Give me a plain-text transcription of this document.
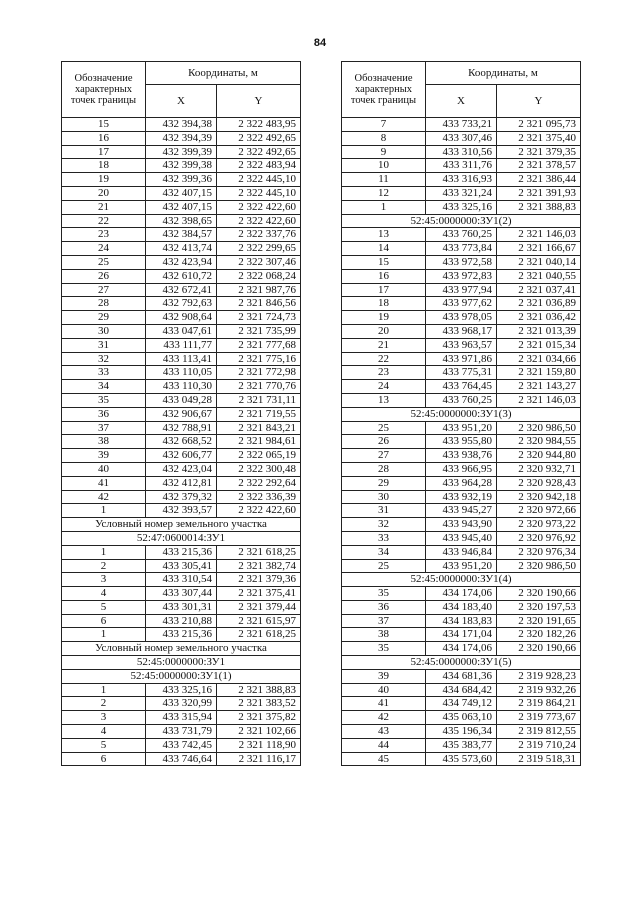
84
Обозначение характерных точек границы	Координаты, м	
	X	Y
15	432 394,38	2 322 483,95
16	432 394,39	2 322 492,65
17	432 399,39	2 322 492,65
18	432 399,38	2 322 483,94
19	432 399,36	2 322 445,10
20	432 407,15	2 322 445,10
21	432 407,15	2 322 422,60
22	432 398,65	2 322 422,60
23	432 384,57	2 322 337,76
24	432 413,74	2 322 299,65
25	432 423,94	2 322 307,46
26	432 610,72	2 322 068,24
27	432 672,41	2 321 987,76
28	432 792,63	2 321 846,56
29	432 908,64	2 321 724,73
30	433 047,61	2 321 735,99
31	433 111,77	2 321 777,68
32	433 113,41	2 321 775,16
33	433 110,05	2 321 772,98
34	433 110,30	2 321 770,76
35	433 049,28	2 321 731,11
36	432 906,67	2 321 719,55
37	432 788,91	2 321 843,21
38	432 668,52	2 321 984,61
39	432 606,77	2 322 065,19
40	432 423,04	2 322 300,48
41	432 412,81	2 322 292,64
42	432 379,32	2 322 336,39
1	432 393,57	2 322 422,60
Условный номер земельного участка		
52:47:0600014:ЗУ1		
1	433 215,36	2 321 618,25
2	433 305,41	2 321 382,74
3	433 310,54	2 321 379,36
4	433 307,44	2 321 375,41
5	433 301,31	2 321 379,44
6	433 210,88	2 321 615,97
1	433 215,36	2 321 618,25
Условный номер земельного участка		
52:45:0000000:ЗУ1		
52:45:0000000:ЗУ1(1)		
1	433 325,16	2 321 388,83
2	433 320,99	2 321 383,52
3	433 315,94	2 321 375,82
4	433 731,79	2 321 102,66
5	433 742,45	2 321 118,90
6	433 746,64	2 321 116,17
Обозначение характерных точек границы	Координаты, м	
	X	Y
7	433 733,21	2 321 095,73
8	433 307,46	2 321 375,40
9	433 310,56	2 321 379,35
10	433 311,76	2 321 378,57
11	433 316,93	2 321 386,44
12	433 321,24	2 321 391,93
1	433 325,16	2 321 388,83
52:45:0000000:ЗУ1(2)		
13	433 760,25	2 321 146,03
14	433 773,84	2 321 166,67
15	433 972,58	2 321 040,14
16	433 972,83	2 321 040,55
17	433 977,94	2 321 037,41
18	433 977,62	2 321 036,89
19	433 978,05	2 321 036,42
20	433 968,17	2 321 013,39
21	433 963,57	2 321 015,34
22	433 971,86	2 321 034,66
23	433 775,31	2 321 159,80
24	433 764,45	2 321 143,27
13	433 760,25	2 321 146,03
52:45:0000000:ЗУ1(3)		
25	433 951,20	2 320 986,50
26	433 955,80	2 320 984,55
27	433 938,76	2 320 944,80
28	433 966,95	2 320 932,71
29	433 964,28	2 320 928,43
30	433 932,19	2 320 942,18
31	433 945,27	2 320 972,66
32	433 943,90	2 320 973,22
33	433 945,40	2 320 976,92
34	433 946,84	2 320 976,34
25	433 951,20	2 320 986,50
52:45:0000000:ЗУ1(4)		
35	434 174,06	2 320 190,66
36	434 183,40	2 320 197,53
37	434 183,83	2 320 191,65
38	434 171,04	2 320 182,26
35	434 174,06	2 320 190,66
52:45:0000000:ЗУ1(5)		
39	434 681,36	2 319 928,23
40	434 684,42	2 319 932,26
41	434 749,12	2 319 864,21
42	435 063,10	2 319 773,67
43	435 196,34	2 319 812,55
44	435 383,77	2 319 710,24
45	435 573,60	2 319 518,31
